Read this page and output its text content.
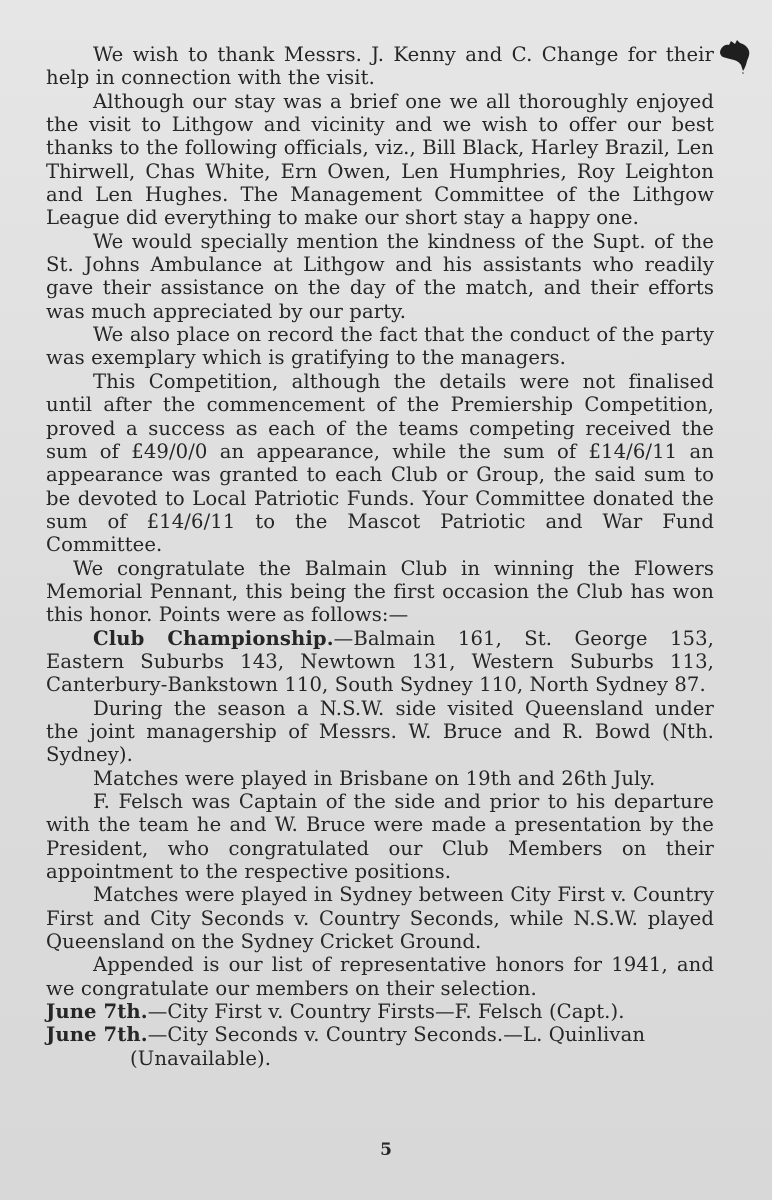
We wish to thank Messrs. J. Kenny and C. Change for their help in connection with the visit.

Although our stay was a brief one we all thoroughly enjoyed the visit to Lithgow and vicinity and we wish to offer our best thanks to the following officials, viz., Bill Black, Harley Brazil, Len Thirwell, Chas White, Ern Owen, Len Humphries, Roy Leighton and Len Hughes. The Management Committee of the Lithgow League did everything to make our short stay a happy one.

We would specially mention the kindness of the Supt. of the St. Johns Ambulance at Lithgow and his assistants who readily gave their assistance on the day of the match, and their efforts was much appreciated by our party.

We also place on record the fact that the conduct of the party was exemplary which is gratifying to the managers.

This Competition, although the details were not finalised until after the commencement of the Premiership Competition, proved a success as each of the teams competing received the sum of £49/0/0 an appearance, while the sum of £14/6/11 an appearance was granted to each Club or Group, the said sum to be devoted to Local Patriotic Funds. Your Committee donated the sum of £14/6/11 to the Mascot Patriotic and War Fund Committee.

We congratulate the Balmain Club in winning the Flowers Memorial Pennant, this being the first occasion the Club has won this honor. Points were as follows:—

Club Championship.—Balmain 161, St. George 153, Eastern Suburbs 143, Newtown 131, Western Suburbs 113, Canterbury-Bankstown 110, South Sydney 110, North Sydney 87.

During the season a N.S.W. side visited Queensland under the joint managership of Messrs. W. Bruce and R. Bowd (Nth. Sydney).

Matches were played in Brisbane on 19th and 26th July.

F. Felsch was Captain of the side and prior to his departure with the team he and W. Bruce were made a presentation by the President, who congratulated our Club Members on their appointment to the respective positions.

Matches were played in Sydney between City First v. Country First and City Seconds v. Country Seconds, while N.S.W. played Queensland on the Sydney Cricket Ground.

Appended is our list of representative honors for 1941, and we congratulate our members on their selection.

June 7th.—City First v. Country Firsts—F. Felsch (Capt.).

June 7th.—City Seconds v. Country Seconds.—L. Quinlivan (Unavailable).

5
